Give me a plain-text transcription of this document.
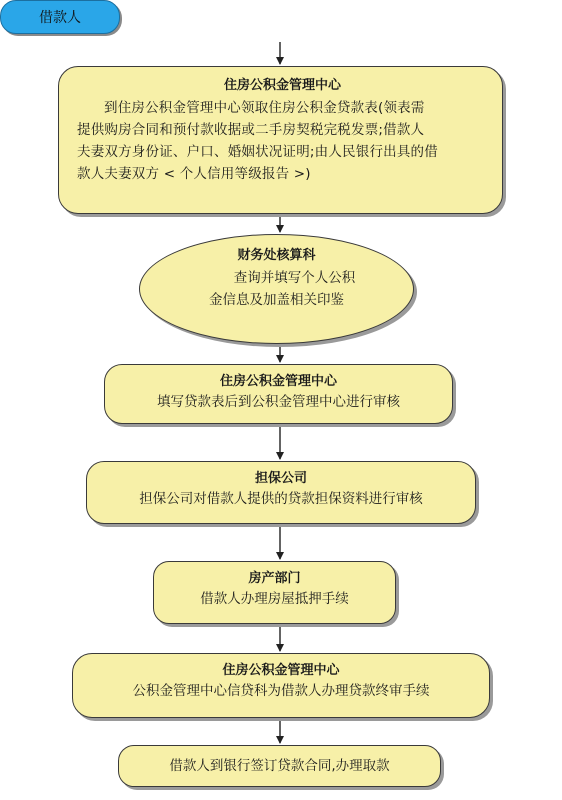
借款人
住房公积金管理中心
到住房公积金管理中心领取住房公积金贷款表(领表需
提供购房合同和预付款收据或二手房契税完税发票;借款人
夫妻双方身份证、户口、婚姻状况证明;由人民银行出具的借
款人夫妻双方 < 个人信用等级报告 >)
财务处核算科
查询并填写个人公积
金信息及加盖相关印鉴
住房公积金管理中心
填写贷款表后到公积金管理中心进行审核
担保公司
担保公司对借款人提供的贷款担保资料进行审核
房产部门
借款人办理房屋抵押手续
住房公积金管理中心
公积金管理中心信贷科为借款人办理贷款终审手续
借款人到银行签订贷款合同,办理取款
